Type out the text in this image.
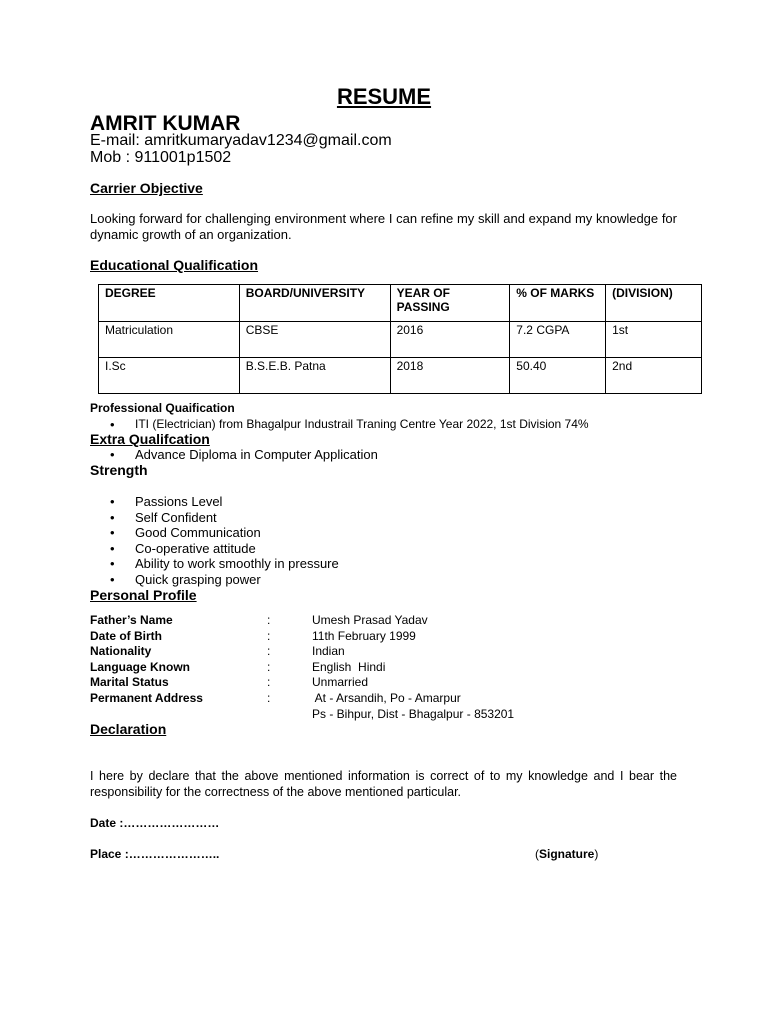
RESUME
AMRIT KUMAR
E-mail: amritkumaryadav1234@gmail.com
Mob : 911001p1502
Carrier Objective
Looking forward for challenging environment where I can refine my skill and expand my knowledge for dynamic growth of an organization.
Educational Qualification
DEGREE	BOARD/UNIVERSITY	YEAR OF PASSING	% OF MARKS	(DIVISION)
Matriculation	CBSE	2016	7.2 CGPA	1st
I.Sc	B.S.E.B. Patna	2018	50.40	2nd
Professional Quaification
•	ITI (Electrician) from Bhagalpur Industrail Traning Centre Year 2022, 1st Division 74%
Extra Qualifcation
•	Advance Diploma in Computer Application
Strength
•	Passions Level
•	Self Confident
•	Good Communication
•	Co-operative attitude
•	Ability to work smoothly in pressure
•	Quick grasping power
Personal Profile
Father’s Name	:	Umesh Prasad Yadav
Date of Birth	:	11th February 1999
Nationality	:	Indian
Language Known	:	English  Hindi
Marital Status	:	Unmarried
Permanent Address	:	At - Arsandih, Po - Amarpur
Ps - Bihpur, Dist - Bhagalpur - 853201
Declaration
I here by declare that the above mentioned information is correct of to my knowledge and I bear the responsibility for the correctness of the above mentioned particular.
Date :……………………
Place :…………………..	(Signature)
